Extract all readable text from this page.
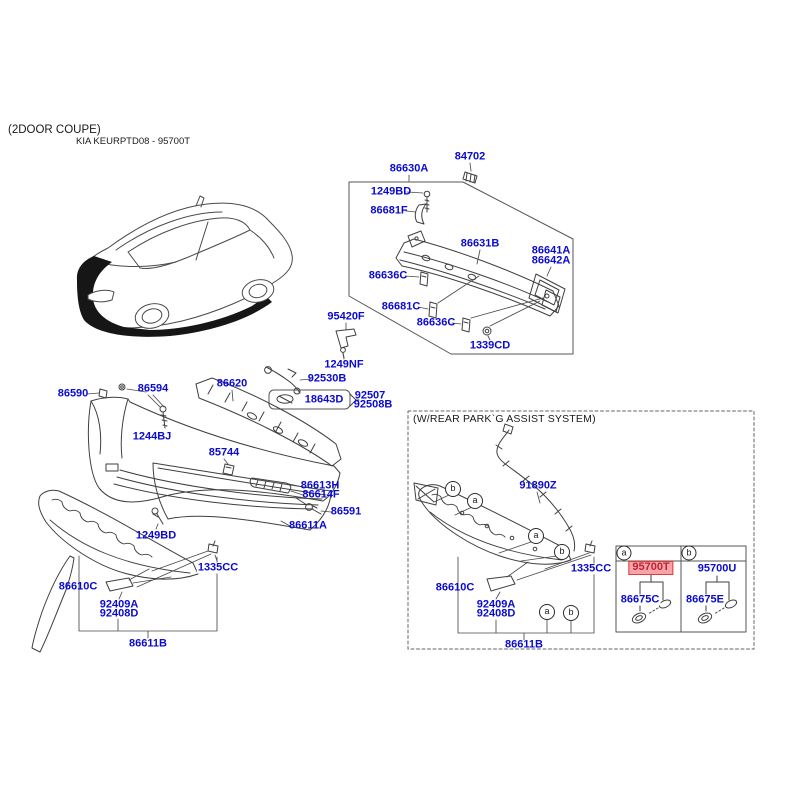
(2DOOR COUPE)
KIA KEURPTD08 - 95700T
(W/REAR PARK`G ASSIST SYSTEM)
84702
86630A
1249BD
86681F
86631B
86641A
86642A
86636C
86681C
86636C
1339CD
95420F
1249NF
92530B
18643D 92507
92508B
86590	86594	86620
1244BJ
85744
86613H
86614F
86591
86611A
1249BD
1335CC
86610C
92409A
92408D
86611B
91890Z
1335CC
86610C
92409A
92408D
86611B
b
a
a
b
a	b
a	b
95700T	95700U
86675C 86675E
